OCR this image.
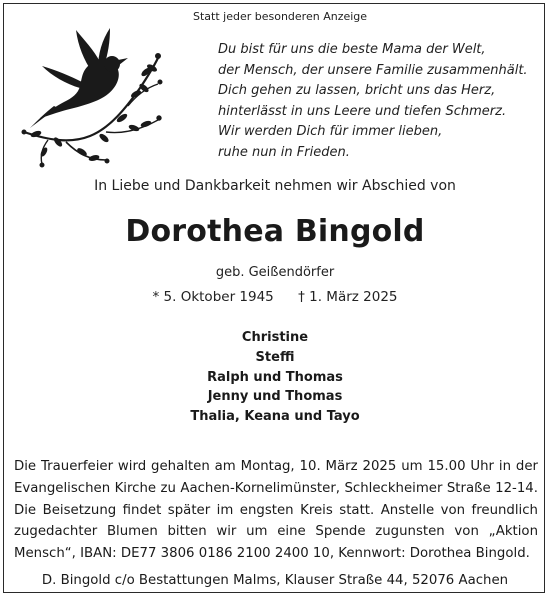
Statt jeder besonderen Anzeige
Du bist für uns die beste Mama der Welt,
der Mensch, der unsere Familie zusammenhält.
Dich gehen zu lassen, bricht uns das Herz,
hinterlässt in uns Leere und tiefen Schmerz.
Wir werden Dich für immer lieben,
ruhe nun in Frieden.
In Liebe und Dankbarkeit nehmen wir Abschied von
Dorothea Bingold
geb. Geißendörfer
* 5. Oktober 1945 † 1. März 2025
Christine
Steffi
Ralph und Thomas
Jenny und Thomas
Thalia, Keana und Tayo
Die Trauerfeier wird gehalten am Montag, 10. März 2025 um 15.00 Uhr in der Evangelischen Kirche zu Aachen-Kornelimünster, Schleckheimer Straße 12-14. Die Beisetzung findet später im engsten Kreis statt. Anstelle von freundlich zugedachter Blumen bitten wir um eine Spende zugunsten von „Aktion Mensch“, IBAN: DE77 3806 0186 2100 2400 10, Kennwort: Dorothea Bingold.
D. Bingold c/o Bestattungen Malms, Klauser Straße 44, 52076 Aachen
